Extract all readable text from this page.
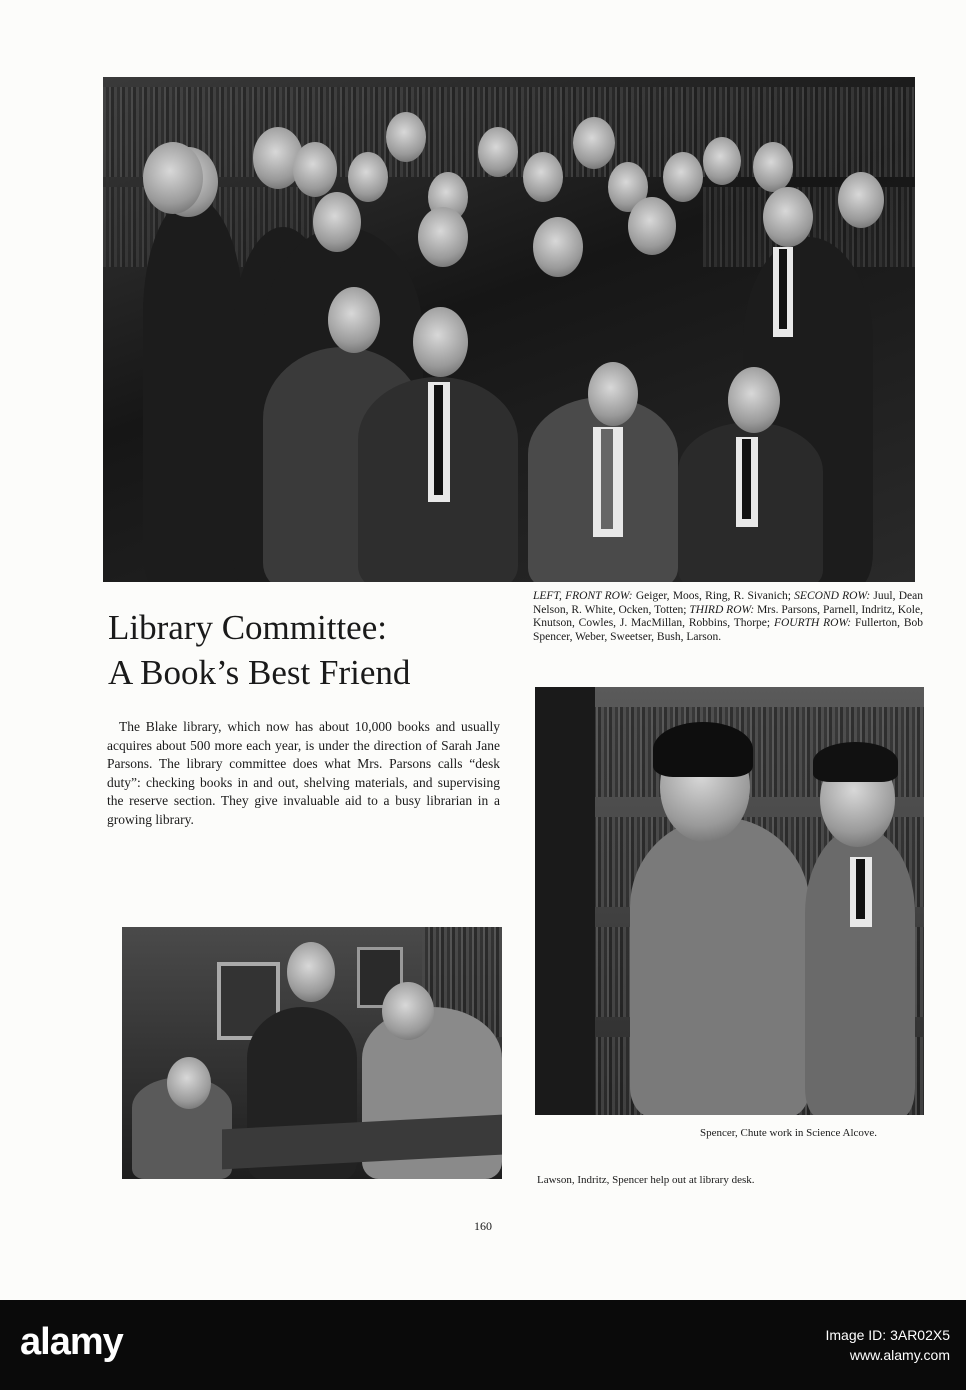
Library Committee:
A Book’s Best Friend

LEFT, FRONT ROW: Geiger, Moos, Ring, R. Sivanich; SECOND ROW: Juul, Dean Nelson, R. White, Ocken, Totten; THIRD ROW: Mrs. Parsons, Parnell, Indritz, Kole, Knutson, Cowles, J. MacMillan, Robbins, Thorpe; FOURTH ROW: Fullerton, Bob Spencer, Weber, Sweetser, Bush, Larson.

The Blake library, which now has about 10,000 books and usually acquires about 500 more each year, is under the direction of Sarah Jane Parsons. The library committee does what Mrs. Parsons calls “desk duty”: checking books in and out, shelving materials, and supervising the reserve section. They give invaluable aid to a busy librarian in a growing library.

Spencer, Chute work in Science Alcove.

Lawson, Indritz, Spencer help out at library desk.

160

alamy	Image ID: 3AR02X5
www.alamy.com
